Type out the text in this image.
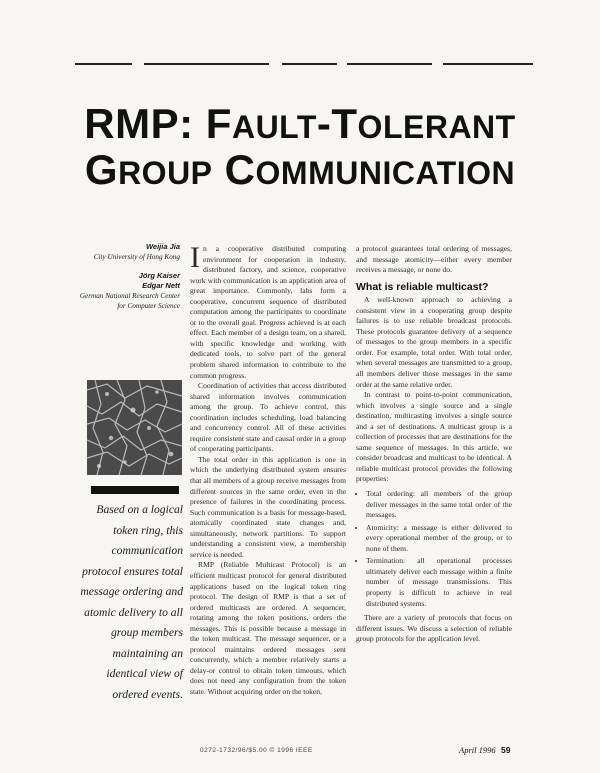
RMP: FAULT-TOLERANT
GROUP COMMUNICATION
Weijia Jia
City University of Hong Kong
Jörg Kaiser
Edgar Nett
German National Research Center for Computer Science
Based on a logical token ring, this communication protocol ensures total message ordering and atomic delivery to all group members maintaining an identical view of ordered events.

In a cooperative distributed computing environment for cooperation in industry, distributed factory, and science, cooperative work with communication is an application area of great importance. Commonly, labs form a cooperative, concurrent sequence of distributed computation among the participants to coordinate or to the overall goal. Progress achieved is at each effect. Each member of a design team, on a shared, with specific knowledge and working with dedicated tools, to solve part of the general problem shared information to contribute to the common progress.

Coordination of activities that access distributed shared information involves communication among the group. To achieve control, this coordination includes scheduling, load balancing and concurrency control. All of these activities require consistent state and causal order in a group of cooperating participants.

The total order in this application is one in which the underlying distributed system ensures that all members of a group receive messages from different sources in the same order, even in the presence of failures in the coordinating process. Such communication is a basis for message-based, atomically coordinated state changes and, simultaneously, network partitions. To support understanding a consistent view, a membership service is needed.

RMP (Reliable Multicast Protocol) is an efficient multicast protocol for general distributed applications based on the logical token ring protocol. The design of RMP is that a set of ordered multicasts are ordered. A sequencer, rotating among the token positions, orders the messages. This is possible because a message in the token multicast. The message sequencer, or a protocol maintains ordered messages sent concurrently, which a member relatively starts a delay-or control to obtain token timeouts, which does not need any configuration from the token state. Without acquiring order on the token,

a protocol guarantees total ordering of messages, and message atomicity—either every member receives a message, or none do.

What is reliable multicast?

A well-known approach to achieving a consistent view in a cooperating group despite failures is to use reliable broadcast protocols. These protocols guarantee delivery of a sequence of messages to the group members in a specific order. For example, total order. With total order, when several messages are transmitted to a group, all members deliver those messages in the same order at the same relative order.

In contrast to point-to-point communication, which involves a single source and a single destination, multicasting involves a single source and a set of destinations. A multicast group is a collection of processes that are destinations for the same sequence of messages. In this article, we consider broadcast and multicast to be identical. A reliable multicast protocol provides the following properties:

• Total ordering: all members of the group deliver messages in the same total order of the messages.
• Atomicity: a message is either delivered to every operational member of the group, or to none of them.
• Termination: all operational processes ultimately deliver each message within a finite number of message transmissions. This property is difficult to achieve in real distributed systems.

There are a variety of protocols that focus on different issues. We discuss a selection of reliable group protocols for the application level.

0272-1732/96/$5.00 © 1996 IEEE	April 1996 59
